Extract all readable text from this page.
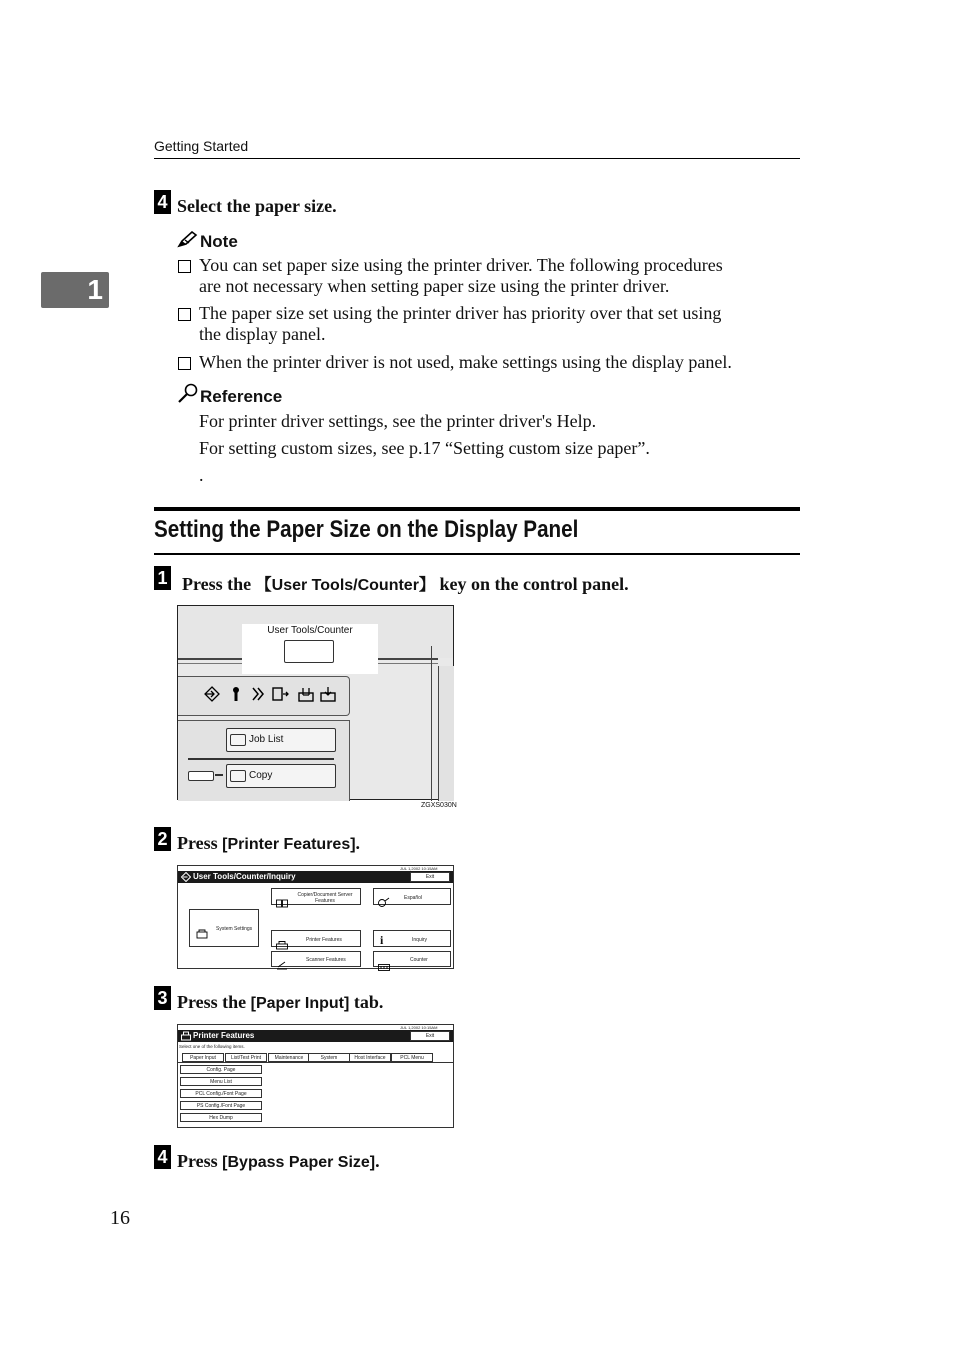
Getting Started
1
4 Select the paper size.
Note
You can set paper size using the printer driver. The following procedures
are not necessary when setting paper size using the printer driver.
The paper size set using the printer driver has priority over that set using
the display panel.
When the printer driver is not used, make settings using the display panel.
Reference
For printer driver settings, see the printer driver's Help.
For setting custom sizes, see p.17 “Setting custom size paper”.
.
Setting the Paper Size on the Display Panel
1 Press the 【User Tools/Counter】 key on the control panel.
User Tools/Counter
Job List
Copy
ZGXS030N
2 Press [Printer Features].
JUL 1,2002 10:15AM
User Tools/Counter/Inquiry	Exit
Copier/Document Server Features	Español
System Settings
Printer Features	i	Inquiry
Scanner Features	Counter
3 Press the [Paper Input] tab.
JUL 1,2002 10:15AM
Printer Features	Exit
Select one of the following items.
Paper Input	List/Test Print	Maintenance	System	Host Interface	PCL Menu
Config. Page
Menu List
PCL Config./Font Page
PS Config./Font Page
Hex Dump
4 Press [Bypass Paper Size].
16
